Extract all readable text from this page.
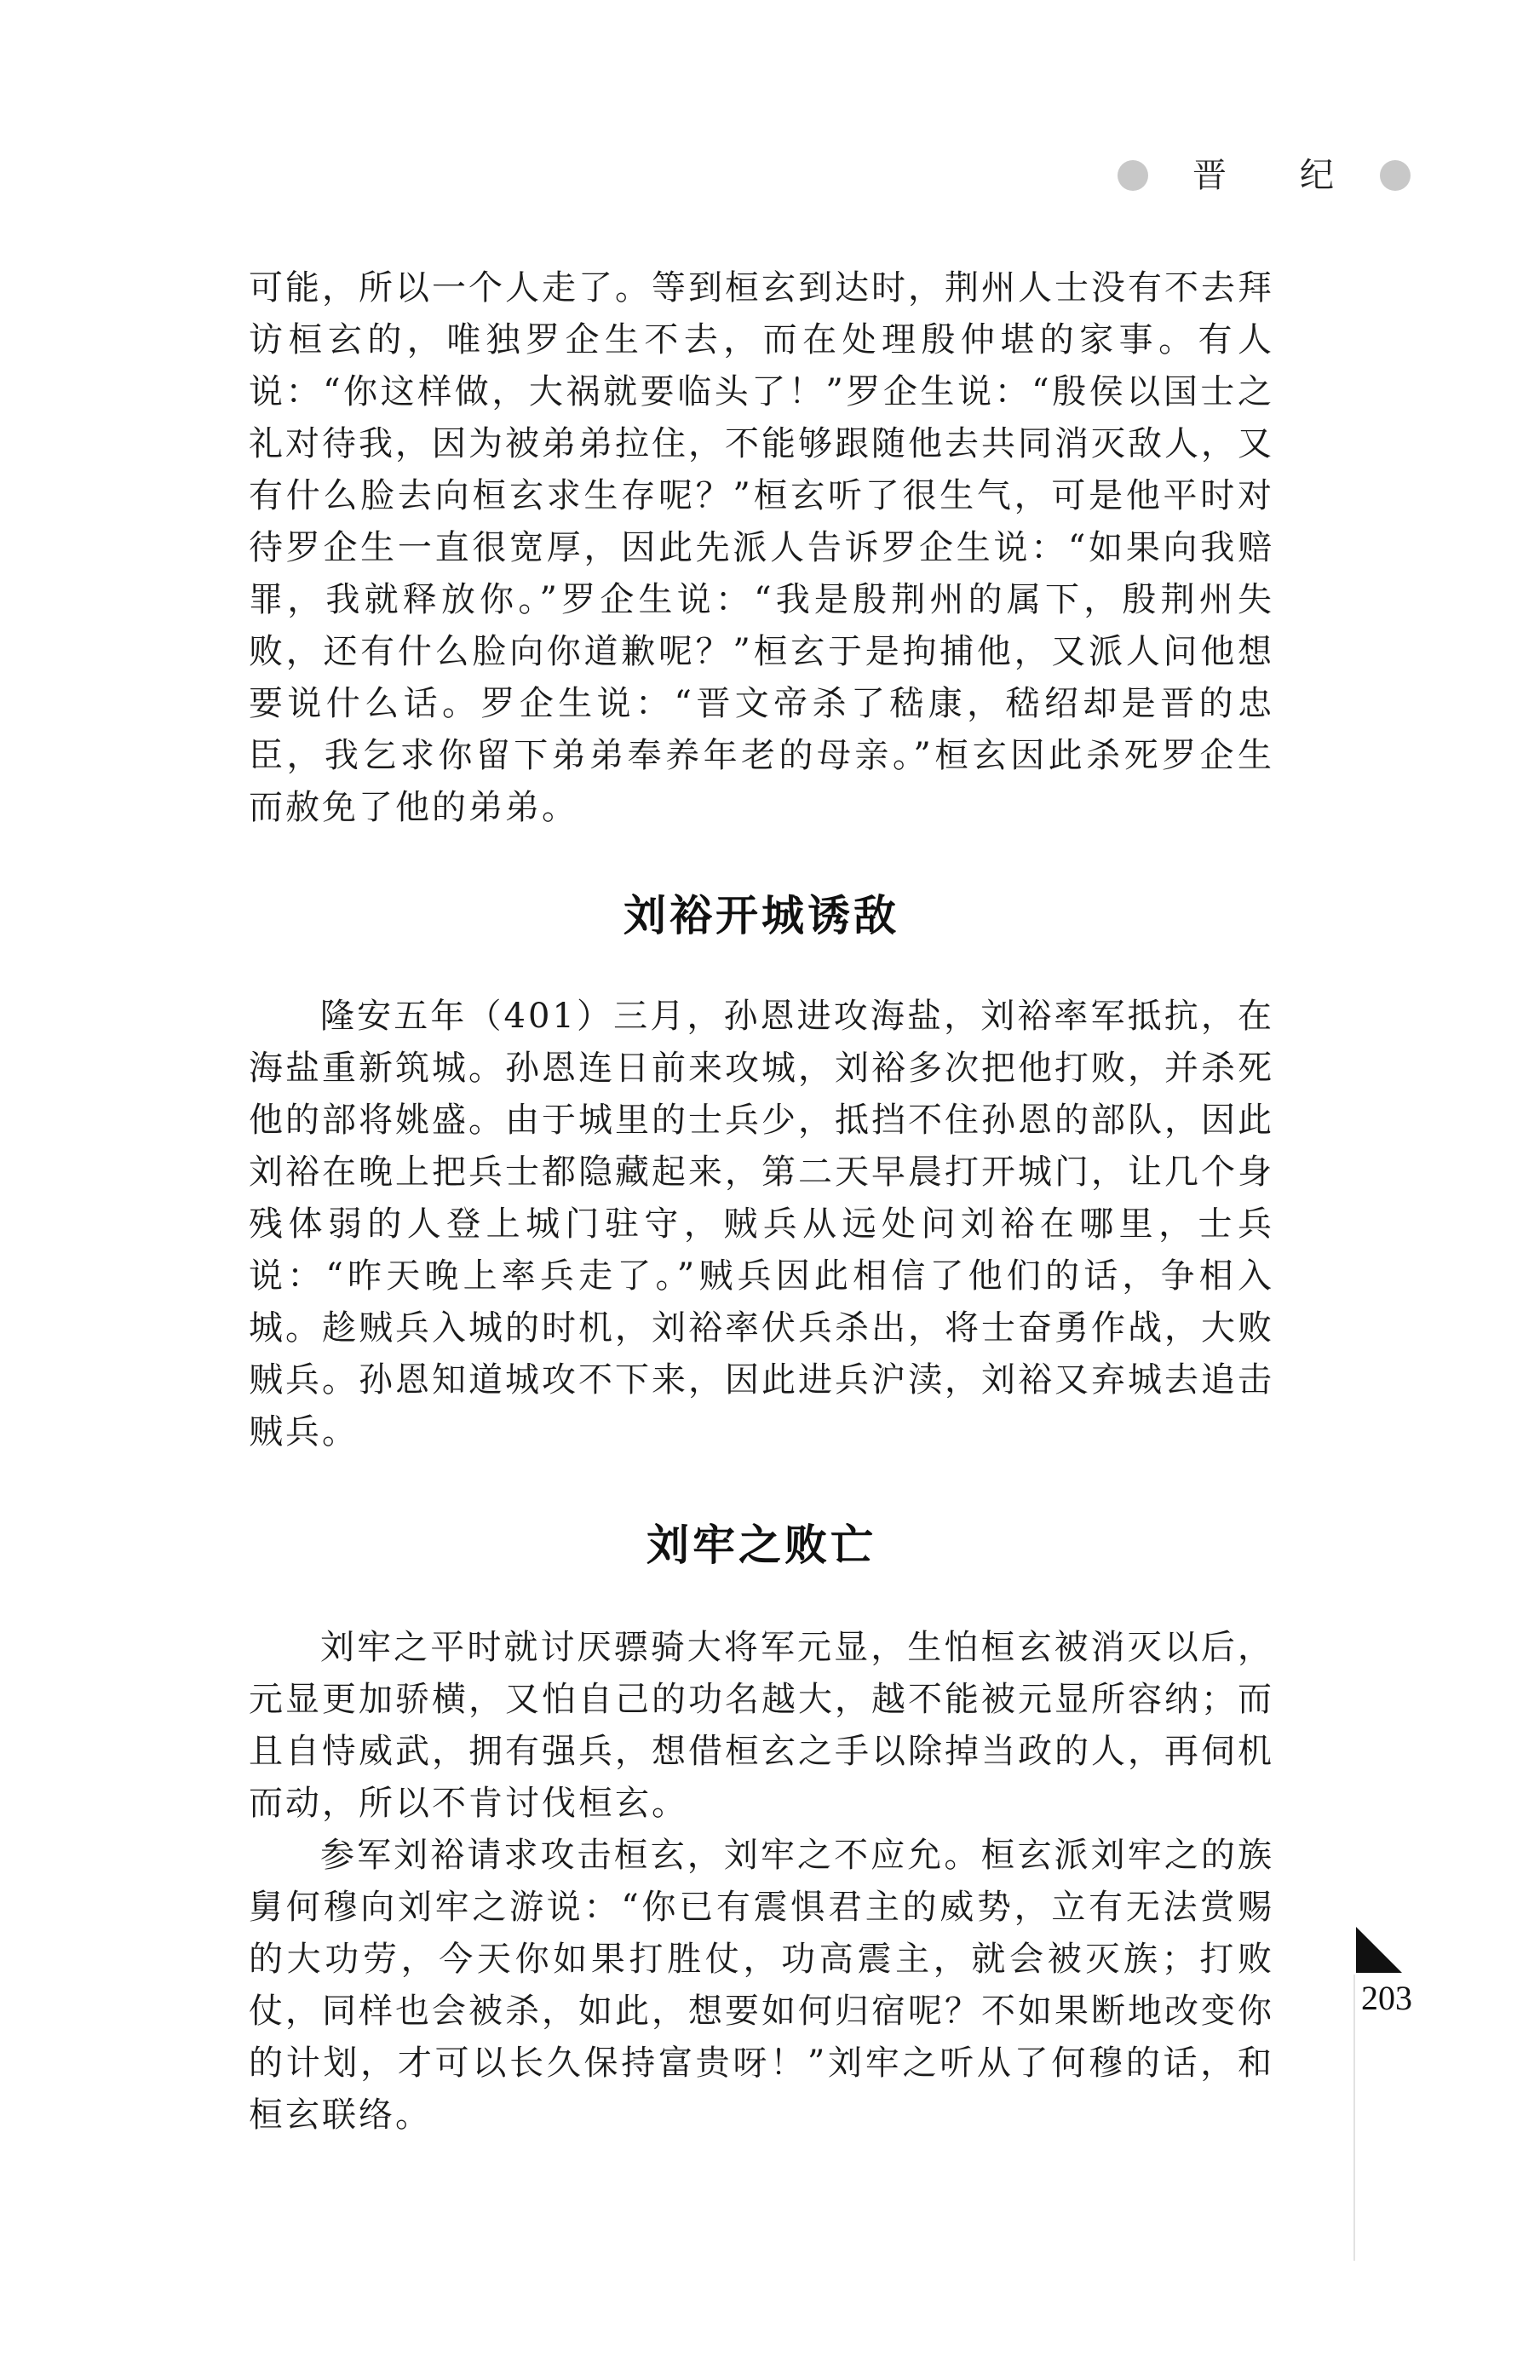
晋 纪

可能，所以一个人走了。等到桓玄到达时，荆州人士没有不去拜访桓玄的，唯独罗企生不去，而在处理殷仲堪的家事。有人说：“你这样做，大祸就要临头了！”罗企生说：“殷侯以国士之礼对待我，因为被弟弟拉住，不能够跟随他去共同消灭敌人，又有什么脸去向桓玄求生存呢？”桓玄听了很生气，可是他平时对待罗企生一直很宽厚，因此先派人告诉罗企生说：“如果向我赔罪，我就释放你。”罗企生说：“我是殷荆州的属下，殷荆州失败，还有什么脸向你道歉呢？”桓玄于是拘捕他，又派人问他想要说什么话。罗企生说：“晋文帝杀了嵇康，嵇绍却是晋的忠臣，我乞求你留下弟弟奉养年老的母亲。”桓玄因此杀死罗企生而赦免了他的弟弟。

刘裕开城诱敌

隆安五年（401）三月，孙恩进攻海盐，刘裕率军抵抗，在海盐重新筑城。孙恩连日前来攻城，刘裕多次把他打败，并杀死他的部将姚盛。由于城里的士兵少，抵挡不住孙恩的部队，因此刘裕在晚上把兵士都隐藏起来，第二天早晨打开城门，让几个身残体弱的人登上城门驻守，贼兵从远处问刘裕在哪里，士兵说：“昨天晚上率兵走了。”贼兵因此相信了他们的话，争相入城。趁贼兵入城的时机，刘裕率伏兵杀出，将士奋勇作战，大败贼兵。孙恩知道城攻不下来，因此进兵沪渎，刘裕又弃城去追击贼兵。

刘牢之败亡

刘牢之平时就讨厌骠骑大将军元显，生怕桓玄被消灭以后，元显更加骄横，又怕自己的功名越大，越不能被元显所容纳；而且自恃威武，拥有强兵，想借桓玄之手以除掉当政的人，再伺机而动，所以不肯讨伐桓玄。

参军刘裕请求攻击桓玄，刘牢之不应允。桓玄派刘牢之的族舅何穆向刘牢之游说：“你已有震惧君主的威势，立有无法赏赐的大功劳，今天你如果打胜仗，功高震主，就会被灭族；打败仗，同样也会被杀，如此，想要如何归宿呢？不如果断地改变你的计划，才可以长久保持富贵呀！”刘牢之听从了何穆的话，和桓玄联络。

203
